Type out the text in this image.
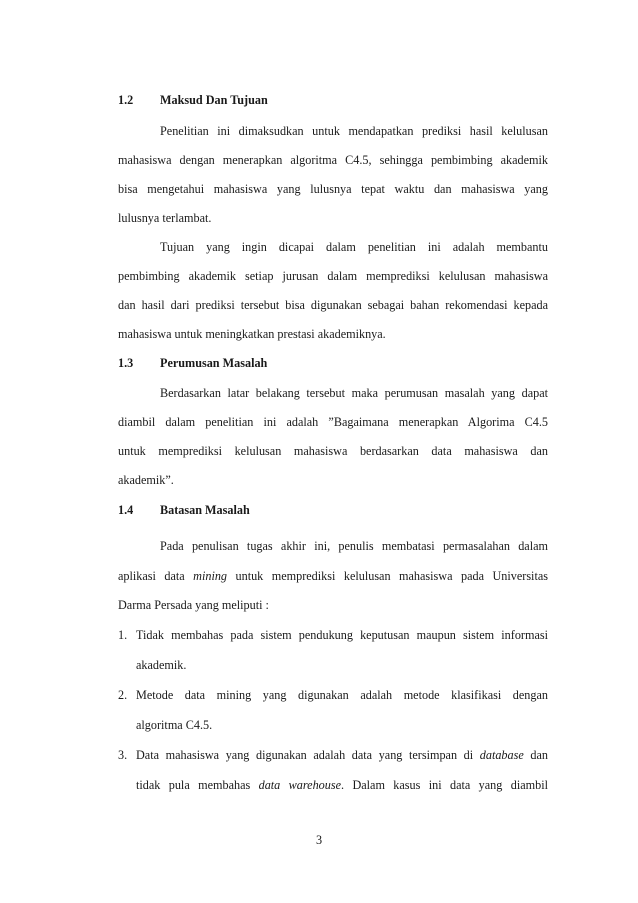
1.2 Maksud Dan Tujuan
Penelitian ini dimaksudkan untuk mendapatkan prediksi hasil kelulusan
mahasiswa dengan menerapkan algoritma C4.5, sehingga pembimbing akademik
bisa mengetahui mahasiswa yang lulusnya tepat waktu dan mahasiswa yang
lulusnya terlambat.
Tujuan yang ingin dicapai dalam penelitian ini adalah membantu
pembimbing akademik setiap jurusan dalam memprediksi kelulusan mahasiswa
dan hasil dari prediksi tersebut bisa digunakan sebagai bahan rekomendasi kepada
mahasiswa untuk meningkatkan prestasi akademiknya.
1.3 Perumusan Masalah
Berdasarkan latar belakang tersebut maka perumusan masalah yang dapat
diambil dalam penelitian ini adalah ”Bagaimana menerapkan Algorima C4.5
untuk memprediksi kelulusan mahasiswa berdasarkan data mahasiswa dan
akademik”.
1.4 Batasan Masalah
Pada penulisan tugas akhir ini, penulis membatasi permasalahan dalam
aplikasi data mining untuk memprediksi kelulusan mahasiswa pada Universitas
Darma Persada yang meliputi :
1. Tidak membahas pada sistem pendukung keputusan maupun sistem informasi
akademik.
2. Metode data mining yang digunakan adalah metode klasifikasi dengan
algoritma C4.5.
3. Data mahasiswa yang digunakan adalah data yang tersimpan di database dan
tidak pula membahas data warehouse. Dalam kasus ini data yang diambil
3
